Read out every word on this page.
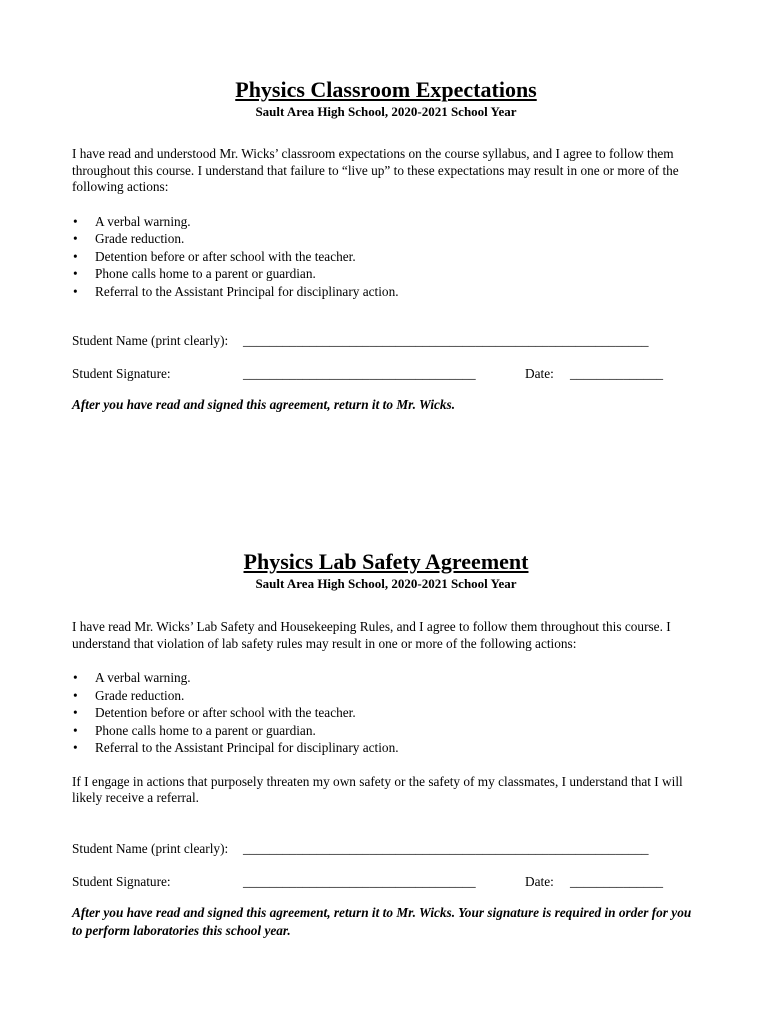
Physics Classroom Expectations

Sault Area High School, 2020-2021 School Year

I have read and understood Mr. Wicks’ classroom expectations on the course syllabus, and I agree to follow them throughout this course. I understand that failure to “live up” to these expectations may result in one or more of the following actions:

• A verbal warning.
• Grade reduction.
• Detention before or after school with the teacher.
• Phone calls home to a parent or guardian.
• Referral to the Assistant Principal for disciplinary action.
Student Name (print clearly): _____________________________________________________________
Student Signature:	___________________________________	Date: ______________

After you have read and signed this agreement, return it to Mr. Wicks.

Physics Lab Safety Agreement

Sault Area High School, 2020-2021 School Year

I have read Mr. Wicks’ Lab Safety and Housekeeping Rules, and I agree to follow them throughout this course. I understand that violation of lab safety rules may result in one or more of the following actions:

• A verbal warning.
• Grade reduction.
• Detention before or after school with the teacher.
• Phone calls home to a parent or guardian.
• Referral to the Assistant Principal for disciplinary action.

If I engage in actions that purposely threaten my own safety or the safety of my classmates, I understand that I will likely receive a referral.

Student Name (print clearly): _____________________________________________________________
Student Signature:	___________________________________	Date: ______________

After you have read and signed this agreement, return it to Mr. Wicks. Your signature is required in order for you to perform laboratories this school year.
